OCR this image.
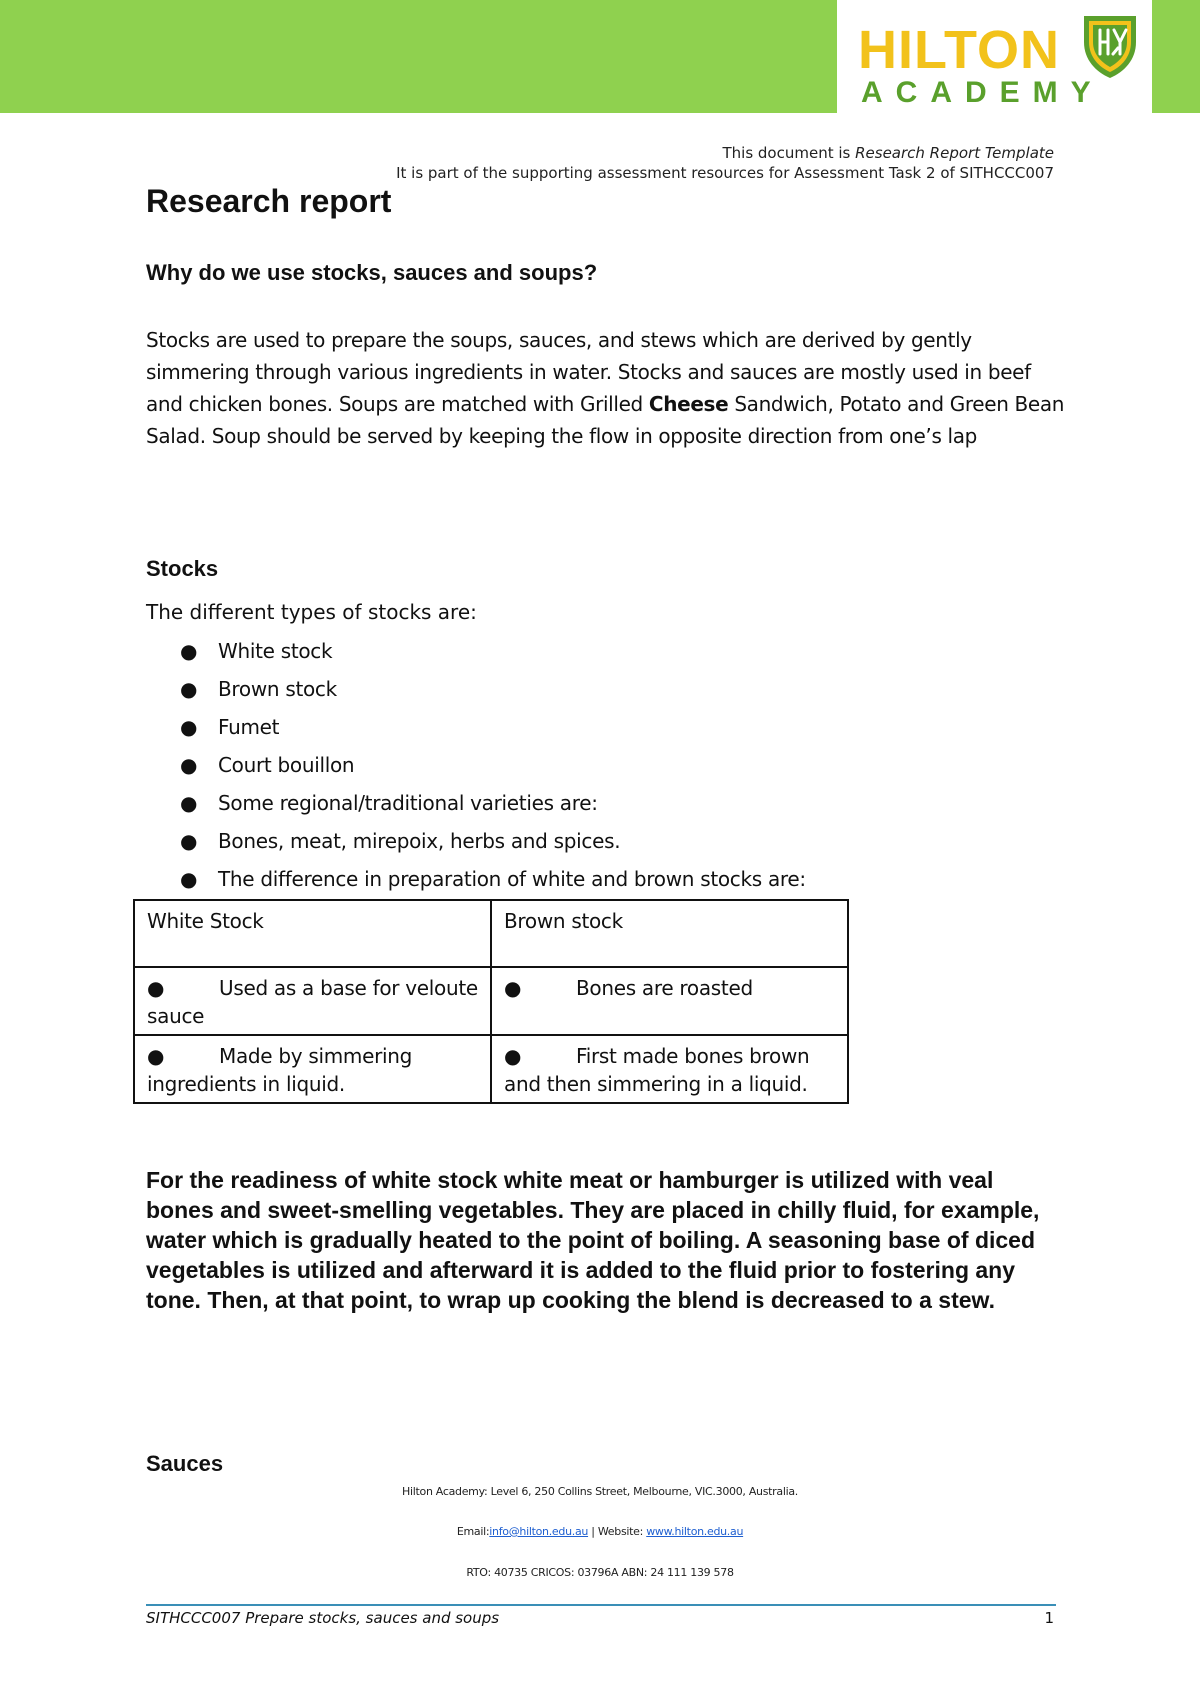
HILTON
ACADEMY
This document is Research Report Template
It is part of the supporting assessment resources for Assessment Task 2 of SITHCCC007
Research report
Why do we use stocks, sauces and soups?

Stocks are used to prepare the soups, sauces, and stews which are derived by gently simmering through various ingredients in water. Stocks and sauces are mostly used in beef and chicken bones. Soups are matched with Grilled Cheese Sandwich, Potato and Green Bean Salad. Soup should be served by keeping the flow in opposite direction from one’s lap

Stocks

The different types of stocks are:

● White stock
● Brown stock
● Fumet
● Court bouillon
● Some regional/traditional varieties are:
● Bones, meat, mirepoix, herbs and spices.
● The difference in preparation of white and brown stocks are:
White Stock	Brown stock
● Used as a base for veloute sauce	● Bones are roasted
● Made by simmering ingredients in liquid.	● First made bones brown and then simmering in a liquid.

For the readiness of white stock white meat or hamburger is utilized with veal bones and sweet-smelling vegetables. They are placed in chilly fluid, for example, water which is gradually heated to the point of boiling. A seasoning base of diced vegetables is utilized and afterward it is added to the fluid prior to fostering any tone. Then, at that point, to wrap up cooking the blend is decreased to a stew.

Sauces
Hilton Academy: Level 6, 250 Collins Street, Melbourne, VIC.3000, Australia.
Email:info@hilton.edu.au | Website: www.hilton.edu.au
RTO: 40735 CRICOS: 03796A ABN: 24 111 139 578
SITHCCC007 Prepare stocks, sauces and soups	1
